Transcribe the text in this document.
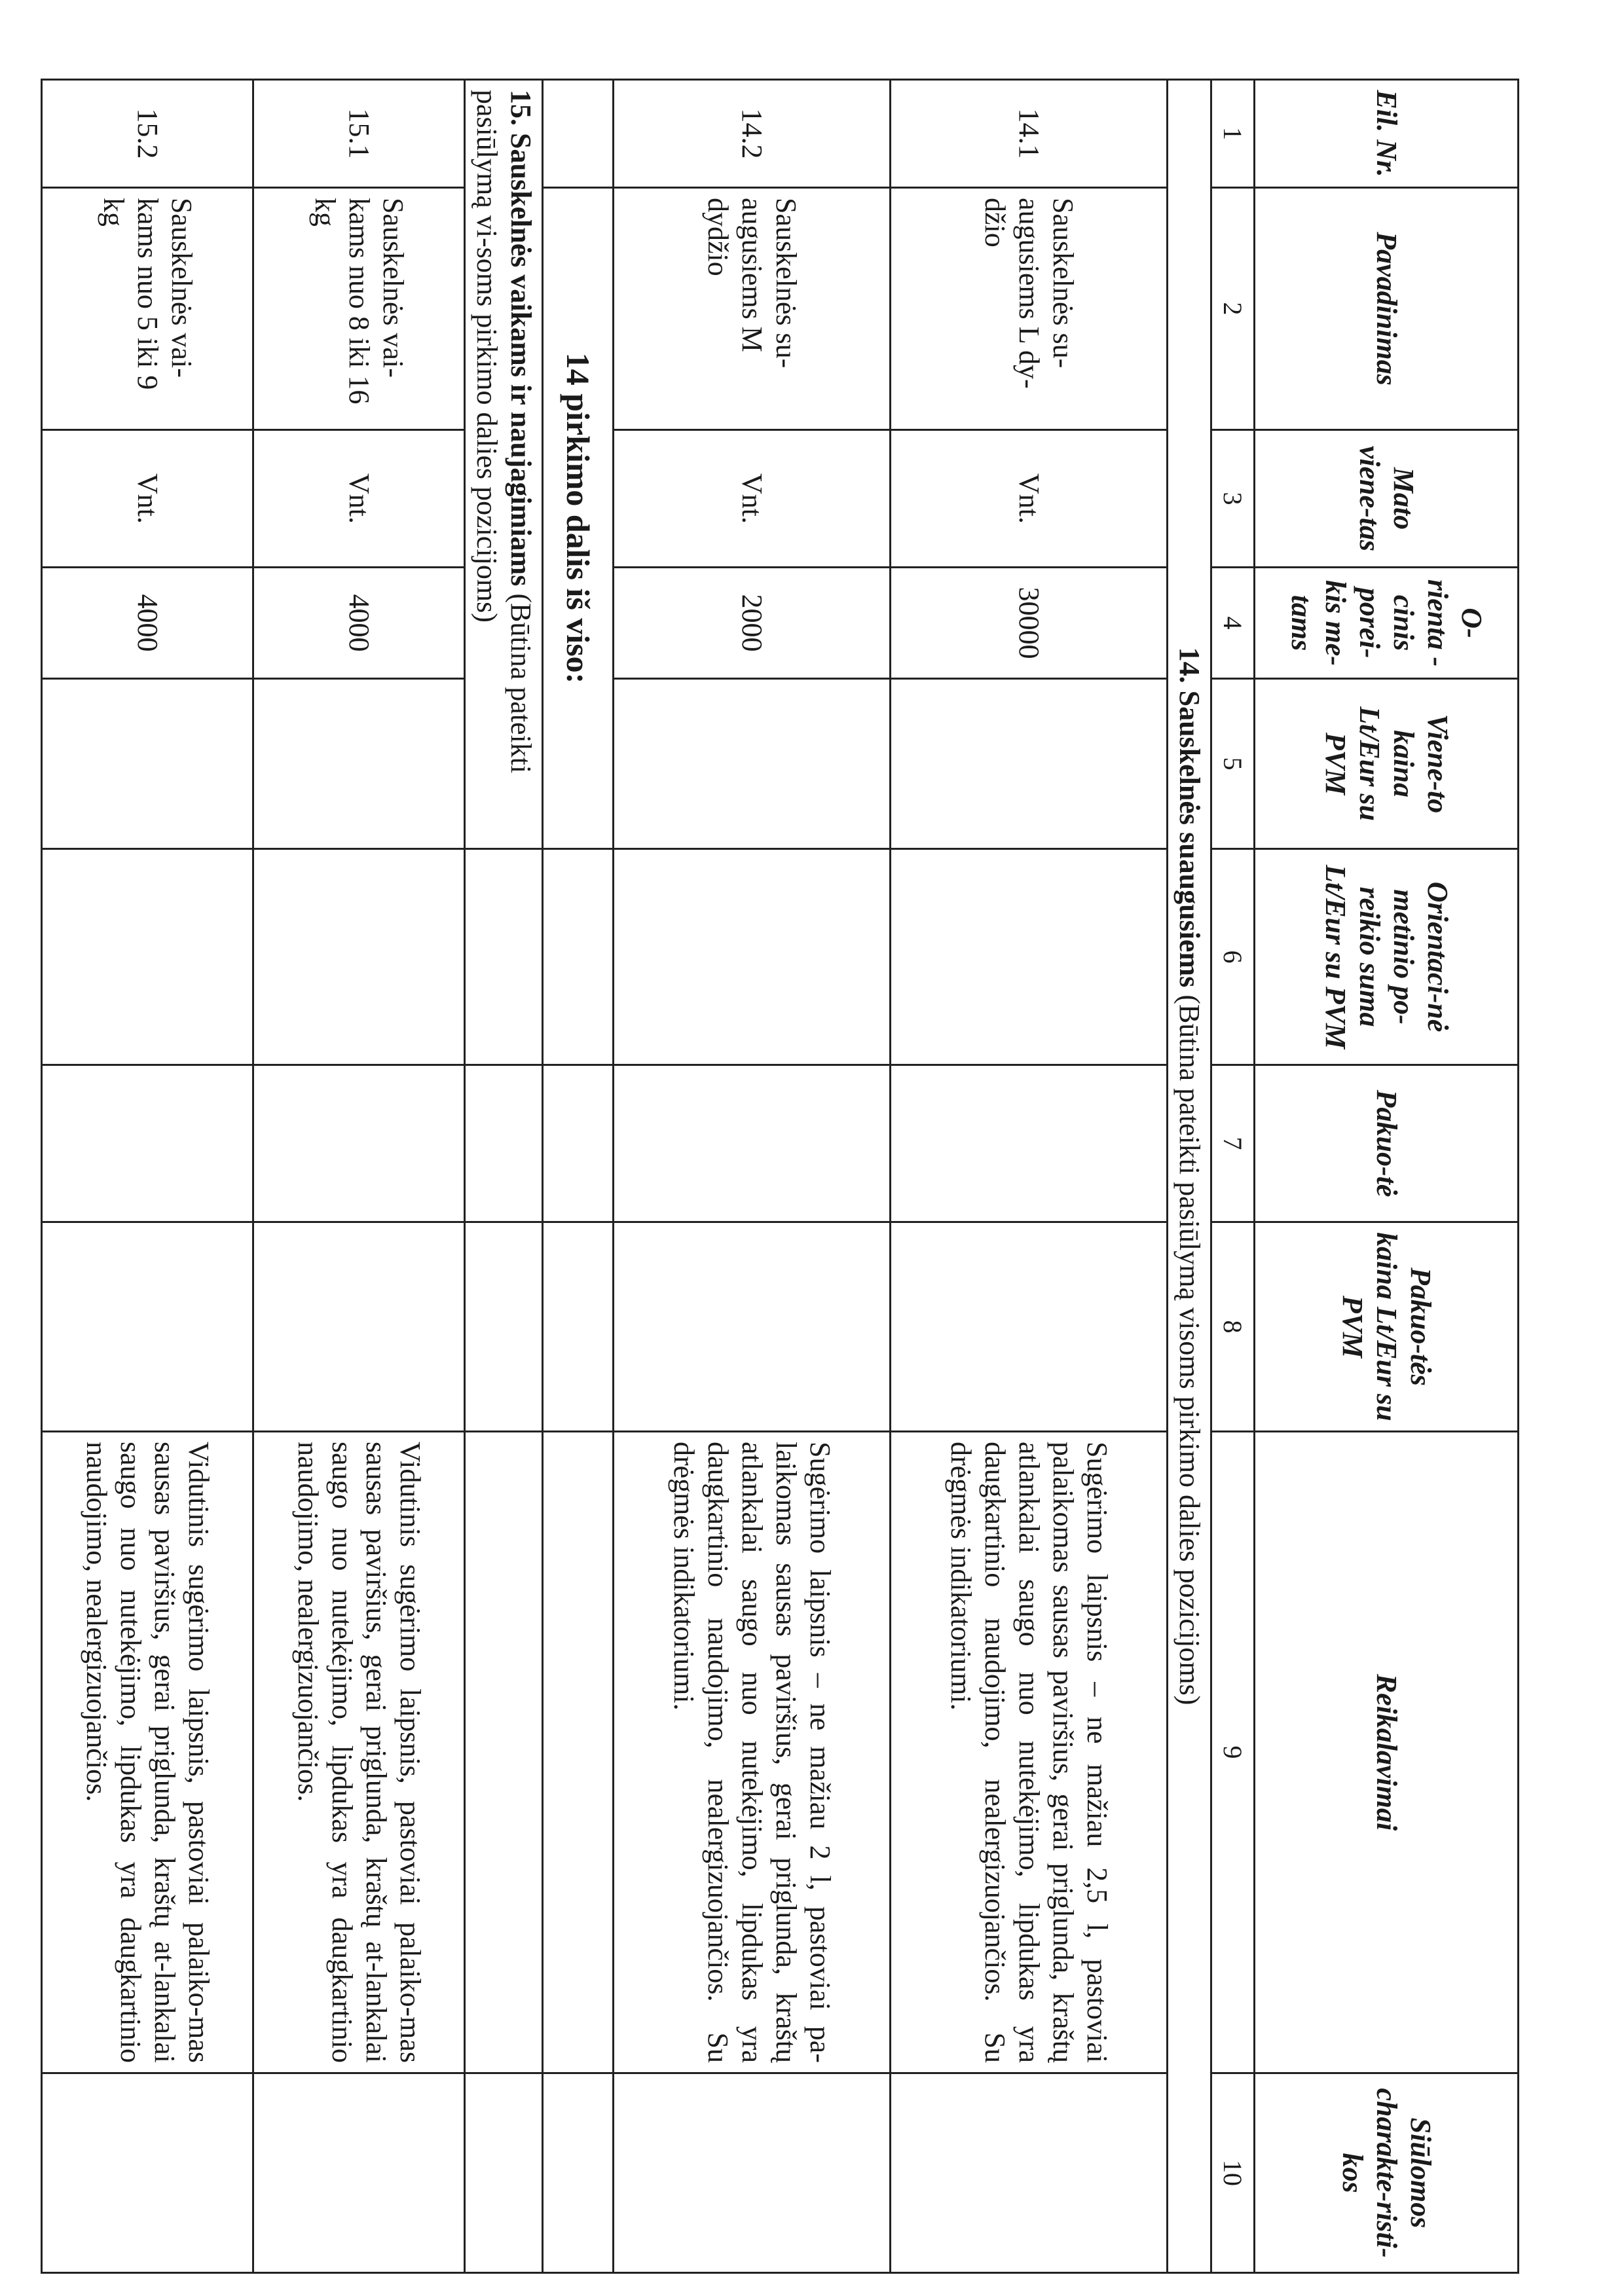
Eil. Nr.	Pavadinimas	Mato viene-tas	O-rienta -cinis porei-kis me-tams	Viene-to kaina Lt/Eur su PVM	Orientaci-nė metinio po-reikio suma Lt/Eur su PVM	Pakuo-tė	Pakuo-tės kaina Lt/Eur su PVM	Reikalavimai	Siūlomos charakte-risti-kos
1	2	3	4	5	6	7	8	9	10
14. Sauskelnės suaugusiems (Būtina pateikti pasiūlymą visoms pirkimo dalies pozicijoms)									
14.1	Sauskelnės su-augusiems L dy-džio	Vnt.	30000					Sugėrimo laipsnis – ne mažiau 2,5 l, pastoviai palaikomas sausas paviršius, gerai priglunda, kraštų atlankalai saugo nuo nutekėjimo, lipdukas yra daugkartinio naudojimo, nealergizuojančios. Su drėgmės indikatoriumi.	
14.2	Sauskelnės su-augusiems M dydžio	Vnt.	2000					Sugėrimo laipsnis – ne mažiau 2 l, pastoviai pa-laikomas sausas paviršius, gerai priglunda, kraštų atlankalai saugo nuo nutekėjimo, lipdukas yra daugkartinio naudojimo, nealergizuojančios. Su drėgmės indikatoriumi.	
	14 pirkimo dalis iš viso:								
15. Sauskelnės vaikams ir naujagimiams (Būtina pateikti pasiūlymą vi-soms pirkimo dalies pozicijoms)									
15.1	Sauskelnės vai-kams nuo 8 iki 16 kg	Vnt.	4000					Vidutinis sugėrimo laipsnis, pastoviai palaiko-mas sausas paviršius, gerai priglunda, kraštų at-lankalai saugo nuo nutekėjimo, lipdukas yra daugkartinio naudojimo, nealergizuojančios.	
15.2	Sauskelnės vai-kams nuo 5 iki 9 kg	Vnt.	4000					Vidutinis sugėrimo laipsnis, pastoviai palaiko-mas sausas paviršius, gerai priglunda, kraštų at-lankalai saugo nuo nutekėjimo, lipdukas yra daugkartinio naudojimo, nealergizuojančios.	
